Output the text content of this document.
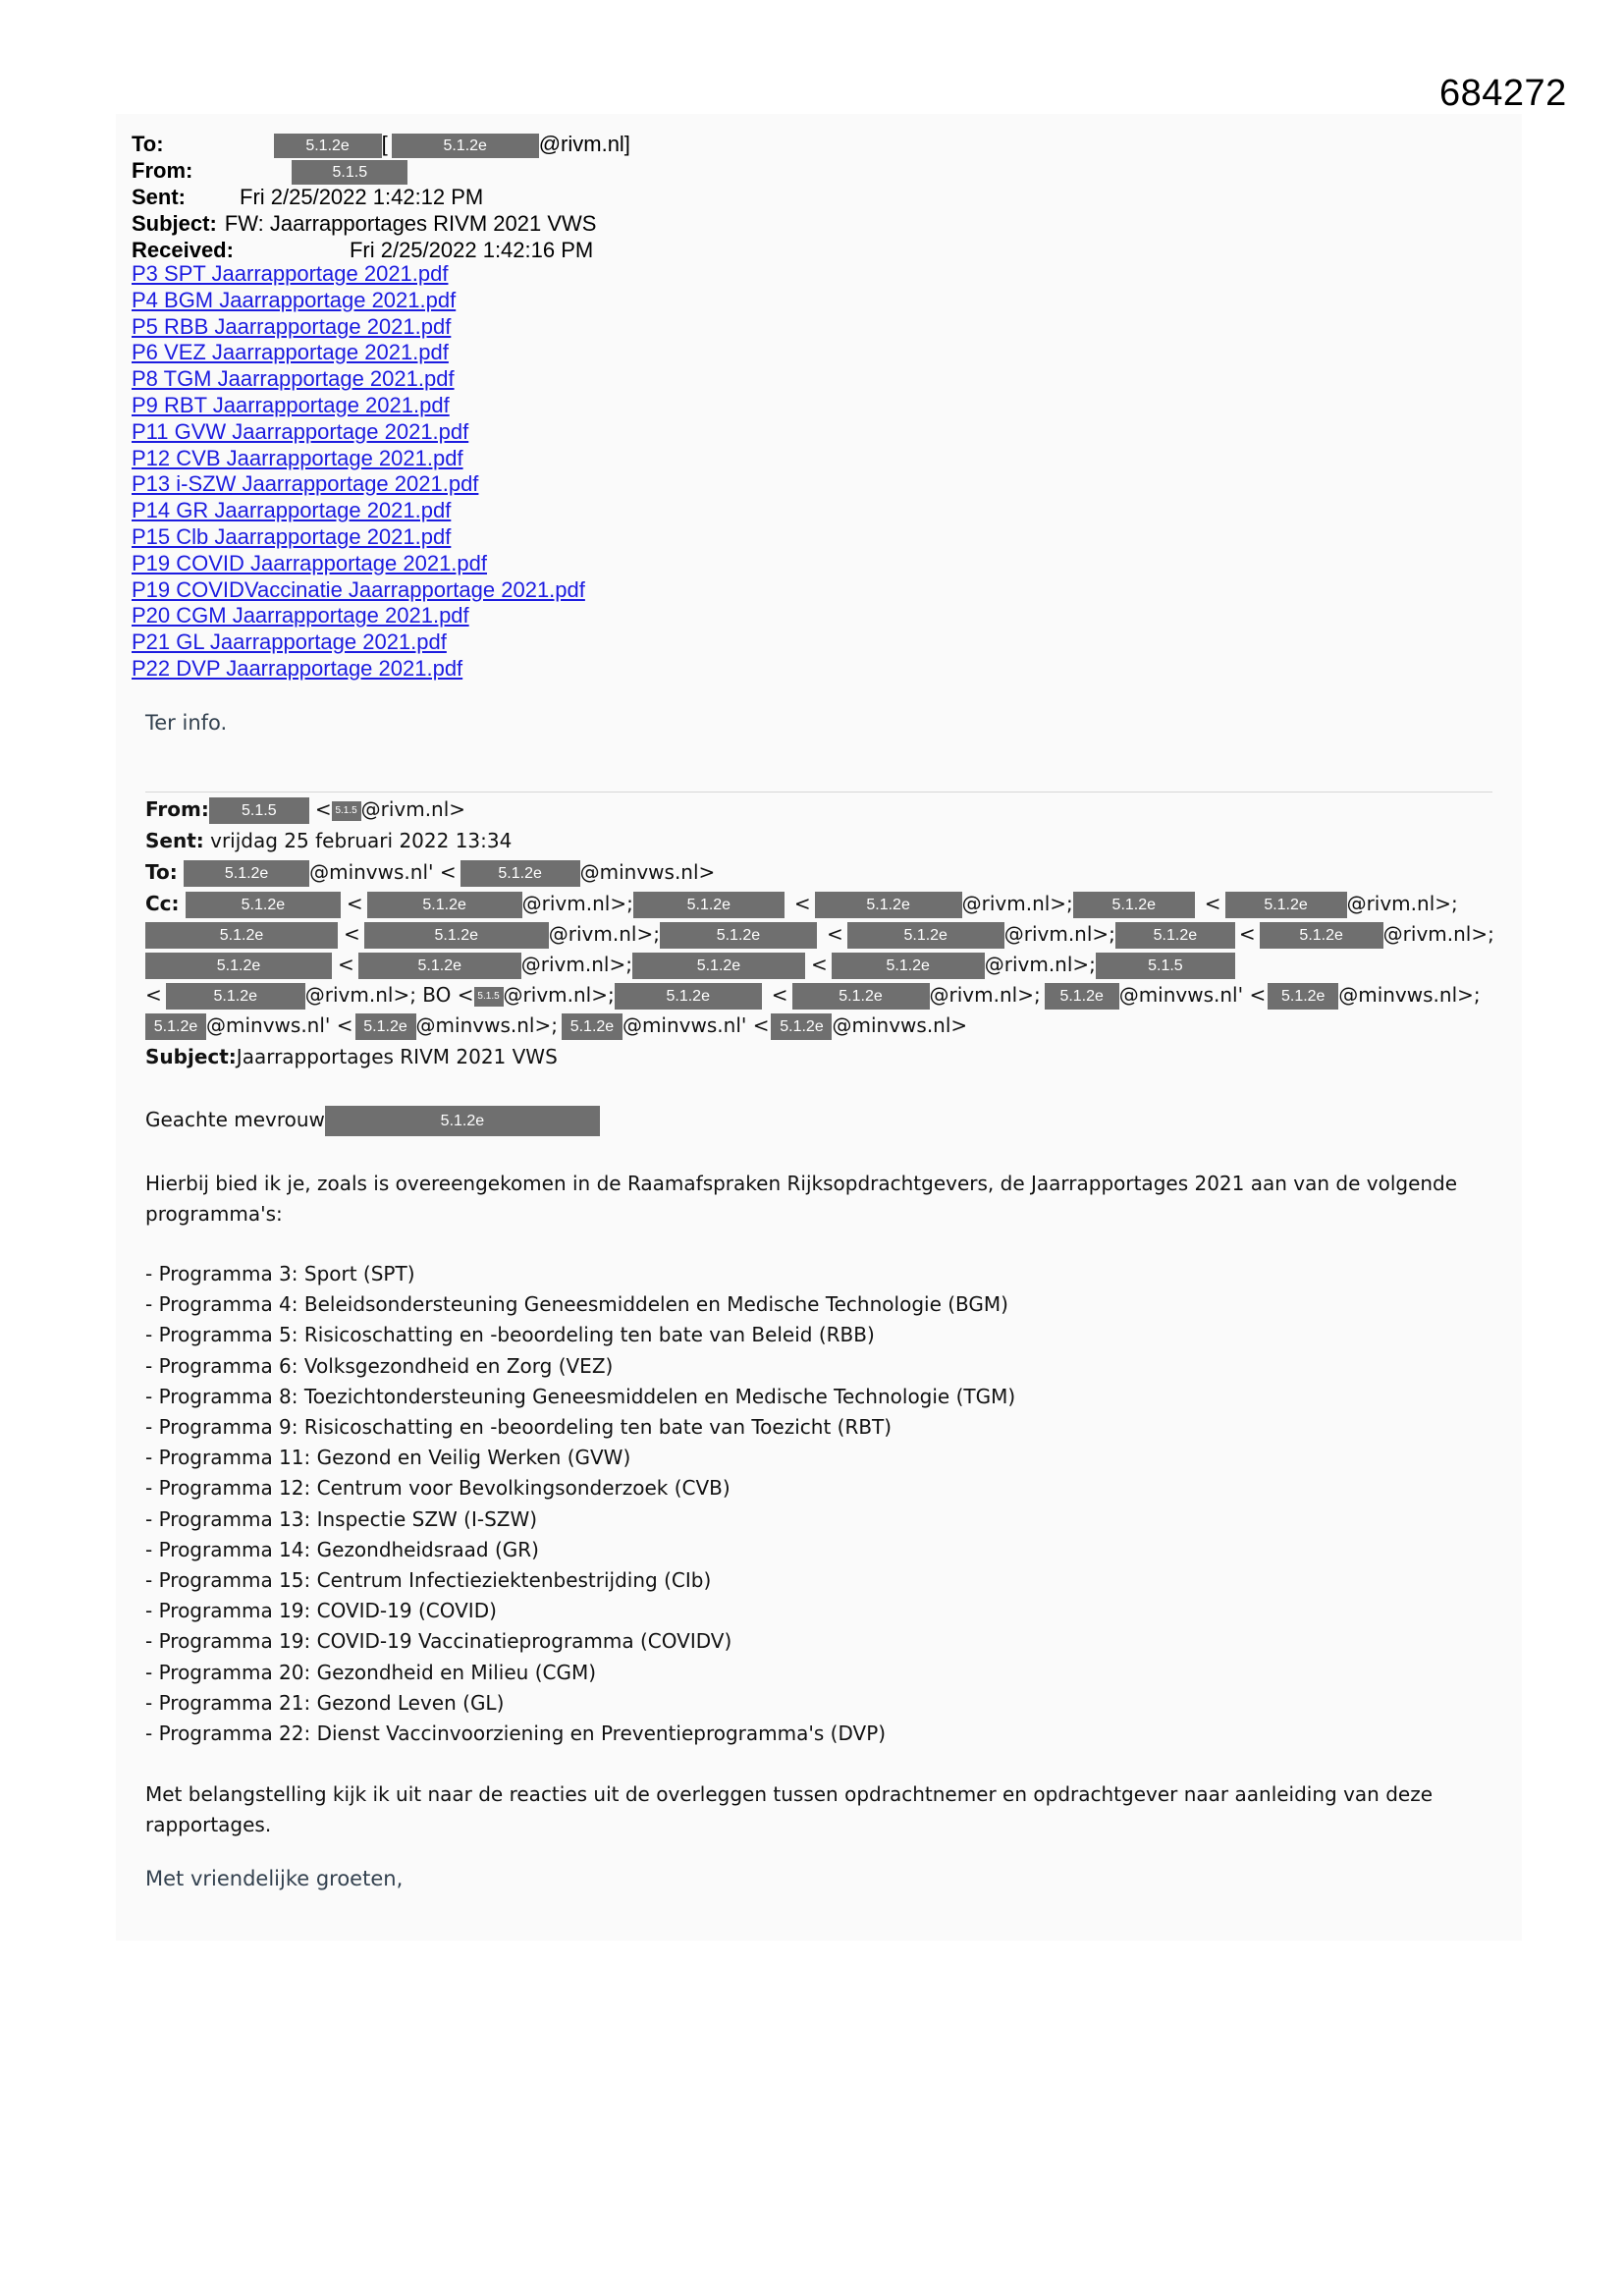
684272
To:	5.1.2e [	5.1.2e @rivm.nl]
From:	5.1.5
Sent:	Fri 2/25/2022 1:42:12 PM
Subject: FW: Jaarrapportages RIVM 2021 VWS
Received:	Fri 2/25/2022 1:42:16 PM
P3 SPT Jaarrapportage 2021.pdf
P4 BGM Jaarrapportage 2021.pdf
P5 RBB Jaarrapportage 2021.pdf
P6 VEZ Jaarrapportage 2021.pdf
P8 TGM Jaarrapportage 2021.pdf
P9 RBT Jaarrapportage 2021.pdf
P11 GVW Jaarrapportage 2021.pdf
P12 CVB Jaarrapportage 2021.pdf
P13 i-SZW Jaarrapportage 2021.pdf
P14 GR Jaarrapportage 2021.pdf
P15 Clb Jaarrapportage 2021.pdf
P19 COVID Jaarrapportage 2021.pdf
P19 COVIDVaccinatie Jaarrapportage 2021.pdf
P20 CGM Jaarrapportage 2021.pdf
P21 GL Jaarrapportage 2021.pdf
P22 DVP Jaarrapportage 2021.pdf
Ter info.
From: 5.1.5 < 5.1.5 @rivm.nl>
Sent: vrijdag 25 februari 2022 13:34
To:	5.1.2e @minvws.nl' <	5.1.2e @minvws.nl>
Cc:	5.1.2e	<	5.1.2e	@rivm.nl>;	5.1.2e	<	5.1.2e	@rivm.nl>; 5.1.2e <	5.1.2e @rivm.nl>;
5.1.2e	<	5.1.2e	@rivm.nl>;	5.1.2e	<	5.1.2e	@rivm.nl>; 5.1.2e <	5.1.2e @rivm.nl>;
5.1.2e	<	5.1.2e	@rivm.nl>;	5.1.2e	<	5.1.2e	@rivm.nl>;	5.1.5
<	5.1.2e @rivm.nl>; BO < 5.1.5 @rivm.nl>;	5.1.2e	<	5.1.2e @rivm.nl>; 5.1.2e @minvws.nl' < 5.1.2e @minvws.nl>;
5.1.2e @minvws.nl' < 5.1.2e @minvws.nl>; 5.1.2e @minvws.nl' < 5.1.2e @minvws.nl>
Subject:Jaarrapportages RIVM 2021 VWS
Geachte mevrouw	5.1.2e
Hierbij bied ik je, zoals is overeengekomen in de Raamafspraken Rijksopdrachtgevers, de Jaarrapportages 2021 aan van de volgende programma's:
- Programma 3: Sport (SPT)
- Programma 4: Beleidsondersteuning Geneesmiddelen en Medische Technologie (BGM)
- Programma 5: Risicoschatting en -beoordeling ten bate van Beleid (RBB)
- Programma 6: Volksgezondheid en Zorg (VEZ)
- Programma 8: Toezichtondersteuning Geneesmiddelen en Medische Technologie (TGM)
- Programma 9: Risicoschatting en -beoordeling ten bate van Toezicht (RBT)
- Programma 11: Gezond en Veilig Werken (GVW)
- Programma 12: Centrum voor Bevolkingsonderzoek (CVB)
- Programma 13: Inspectie SZW (I-SZW)
- Programma 14: Gezondheidsraad (GR)
- Programma 15: Centrum Infectieziektenbestrijding (CIb)
- Programma 19: COVID-19 (COVID)
- Programma 19: COVID-19 Vaccinatieprogramma (COVIDV)
- Programma 20: Gezondheid en Milieu (CGM)
- Programma 21: Gezond Leven (GL)
- Programma 22: Dienst Vaccinvoorziening en Preventieprogramma's (DVP)
Met belangstelling kijk ik uit naar de reacties uit de overleggen tussen opdrachtnemer en opdrachtgever naar aanleiding van deze rapportages.
Met vriendelijke groeten,
